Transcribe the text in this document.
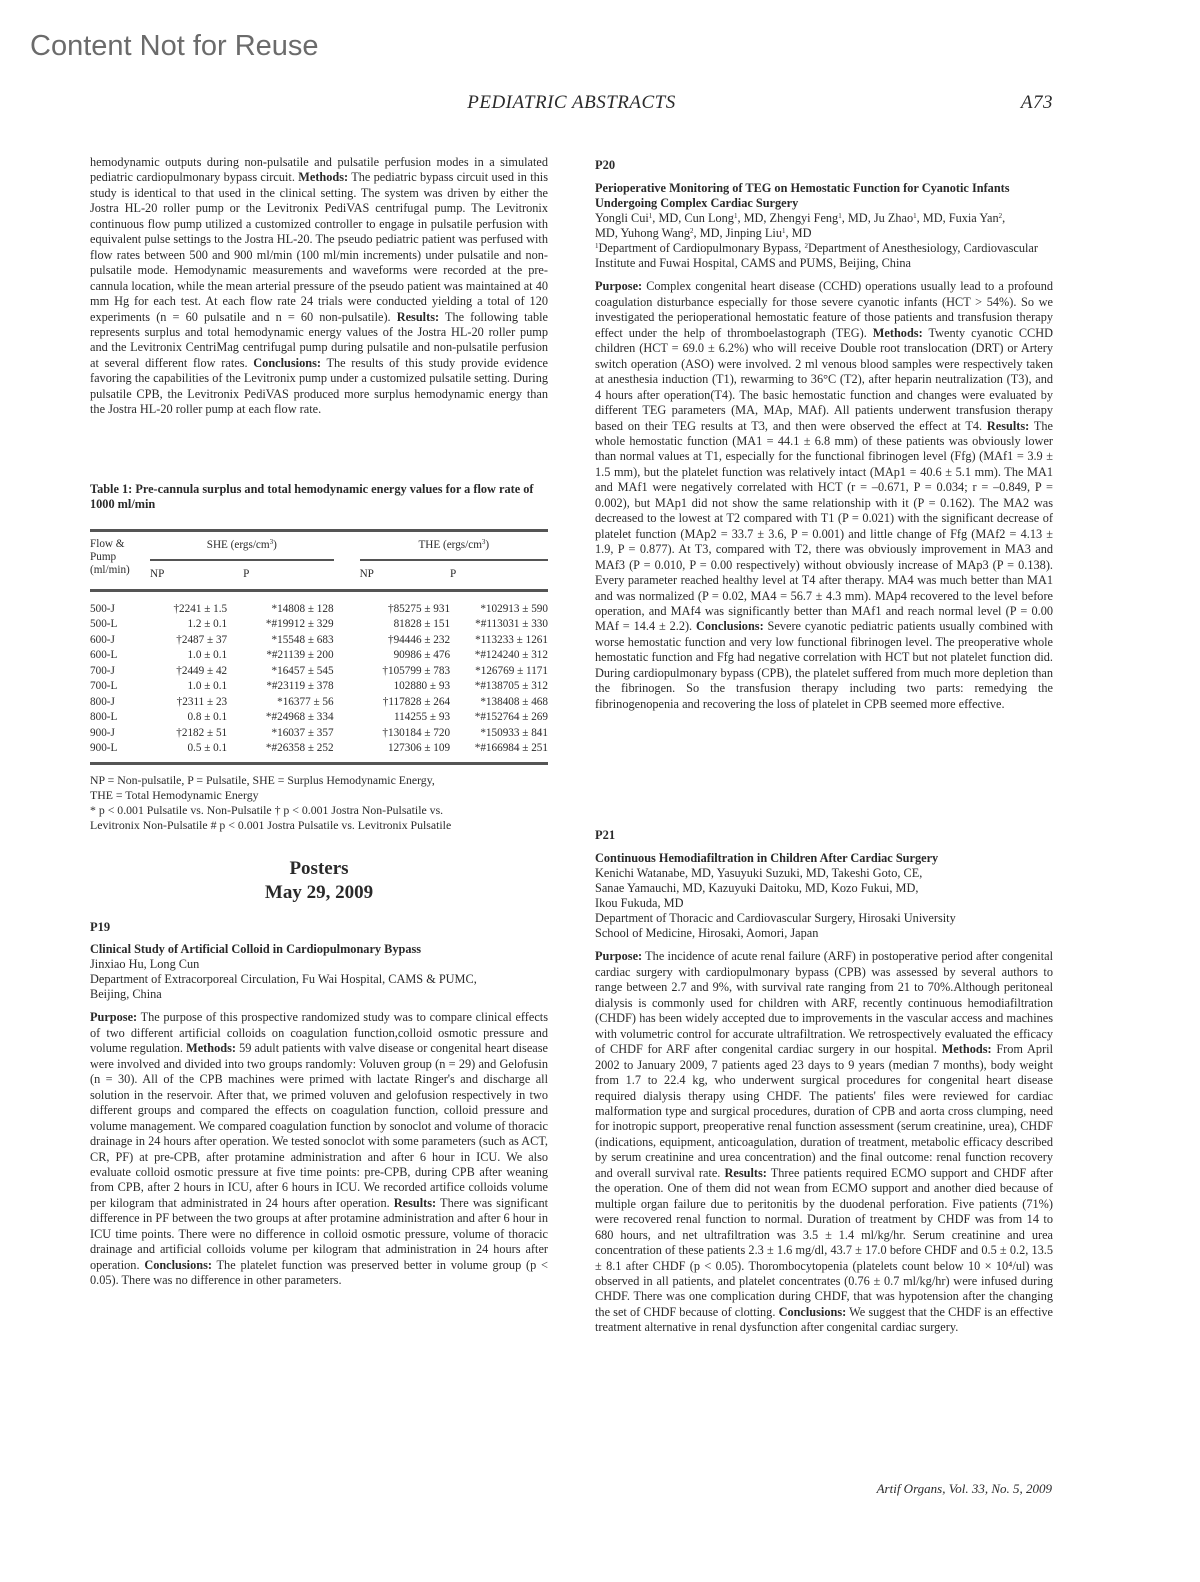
Content Not for Reuse
PEDIATRIC ABSTRACTS	A73

hemodynamic outputs during non-pulsatile and pulsatile perfusion modes in a simulated pediatric cardiopulmonary bypass circuit. Methods: The pediatric bypass circuit used in this study is identical to that used in the clinical setting. The system was driven by either the Jostra HL-20 roller pump or the Levitronix PediVAS centrifugal pump. The Levitronix continuous flow pump utilized a customized controller to engage in pulsatile perfusion with equivalent pulse settings to the Jostra HL-20. The pseudo pediatric patient was perfused with flow rates between 500 and 900 ml/min (100 ml/min increments) under pulsatile and non-pulsatile mode. Hemodynamic measurements and waveforms were recorded at the pre-cannula location, while the mean arterial pressure of the pseudo patient was maintained at 40 mm Hg for each test. At each flow rate 24 trials were conducted yielding a total of 120 experiments (n = 60 pulsatile and n = 60 non-pulsatile). Results: The following table represents surplus and total hemodynamic energy values of the Jostra HL-20 roller pump and the Levitronix CentriMag centrifugal pump during pulsatile and non-pulsatile perfusion at several different flow rates. Conclusions: The results of this study provide evidence favoring the capabilities of the Levitronix pump under a customized pulsatile setting. During pulsatile CPB, the Levitronix PediVAS produced more surplus hemodynamic energy than the Jostra HL-20 roller pump at each flow rate.

Table 1: Pre-cannula surplus and total hemodynamic energy values for a flow rate of 1000 ml/min

Flow &
Pump
(ml/min)	SHE $(ergs/cm^3)$			THE $(ergs/cm^3)$	
	NP	P		NP	P

500-J	†2241 ± 1.5	*14808 ± 128		†85275 ± 931	*102913 ± 590
500-L	1.2 ± 0.1	*#19912 ± 329		81828 ± 151	*#113031 ± 330
600-J	†2487 ± 37	*15548 ± 683		†94446 ± 232	*113233 ± 1261
600-L	1.0 ± 0.1	*#21139 ± 200		90986 ± 476	*#124240 ± 312
700-J	†2449 ± 42	*16457 ± 545		†105799 ± 783	*126769 ± 1171
700-L	1.0 ± 0.1	*#23119 ± 378		102880 ± 93	*#138705 ± 312
800-J	†2311 ± 23	*16377 ± 56		†117828 ± 264	*138408 ± 468
800-L	0.8 ± 0.1	*#24968 ± 334		114255 ± 93	*#152764 ± 269
900-J	†2182 ± 51	*16037 ± 357		†130184 ± 720	*150933 ± 841
900-L	0.5 ± 0.1	*#26358 ± 252		127306 ± 109	*#166984 ± 251

NP = Non-pulsatile, P = Pulsatile, SHE = Surplus Hemodynamic Energy,
THE = Total Hemodynamic Energy
* p < 0.001 Pulsatile vs. Non-Pulsatile † p < 0.001 Jostra Non-Pulsatile vs.
Levitronix Non-Pulsatile # p < 0.001 Jostra Pulsatile vs. Levitronix Pulsatile
Posters
May 29, 2009
P19
Clinical Study of Artificial Colloid in Cardiopulmonary Bypass
Jinxiao Hu, Long Cun
Department of Extracorporeal Circulation, Fu Wai Hospital, CAMS & PUMC, Beijing, China

Purpose: The purpose of this prospective randomized study was to compare clinical effects of two different artificial colloids on coagulation function,colloid osmotic pressure and volume regulation. Methods: 59 adult patients with valve disease or congenital heart disease were involved and divided into two groups randomly: Voluven group (n = 29) and Gelofusin (n = 30). All of the CPB machines were primed with lactate Ringer's and discharge all solution in the reservoir. After that, we primed voluven and gelofusion respectively in two different groups and compared the effects on coagulation function, colloid pressure and volume management. We compared coagulation function by sonoclot and volume of thoracic drainage in 24 hours after operation. We tested sonoclot with some parameters (such as ACT, CR, PF) at pre-CPB, after protamine administration and after 6 hour in ICU. We also evaluate colloid osmotic pressure at five time points: pre-CPB, during CPB after weaning from CPB, after 2 hours in ICU, after 6 hours in ICU. We recorded artifice colloids volume per kilogram that administrated in 24 hours after operation. Results: There was significant difference in PF between the two groups at after protamine administration and after 6 hour in ICU time points. There were no difference in colloid osmotic pressure, volume of thoracic drainage and artificial colloids volume per kilogram that administration in 24 hours after operation. Conclusions: The platelet function was preserved better in volume group (p < 0.05). There was no difference in other parameters.

P20
Perioperative Monitoring of TEG on Hemostatic Function for Cyanotic Infants Undergoing Complex Cardiac Surgery
Yongli Cui$^1$, MD, Cun Long$^1$, MD, Zhengyi Feng$^1$, MD, Ju Zhao$^1$, MD, Fuxia Yan$^2$, MD, Yuhong Wang$^2$, MD, Jinping Liu$^1$, MD
$^1$Department of Cardiopulmonary Bypass, $^2$Department of Anesthesiology, Cardiovascular Institute and Fuwai Hospital, CAMS and PUMS, Beijing, China

Purpose: Complex congenital heart disease (CCHD) operations usually lead to a profound coagulation disturbance especially for those severe cyanotic infants (HCT > 54%). So we investigated the perioperational hemostatic feature of those patients and transfusion therapy effect under the help of thromboelastograph (TEG). Methods: Twenty cyanotic CCHD children (HCT = 69.0 ± 6.2%) who will receive Double root translocation (DRT) or Artery switch operation (ASO) were involved. 2 ml venous blood samples were respectively taken at anesthesia induction (T1), rewarming to 36°C (T2), after heparin neutralization (T3), and 4 hours after operation(T4). The basic hemostatic function and changes were evaluated by different TEG parameters (MA, MAp, MAf). All patients underwent transfusion therapy based on their TEG results at T3, and then were observed the effect at T4. Results: The whole hemostatic function (MA1 = 44.1 ± 6.8 mm) of these patients was obviously lower than normal values at T1, especially for the functional fibrinogen level (Ffg) (MAf1 = 3.9 ± 1.5 mm), but the platelet function was relatively intact (MAp1 = 40.6 ± 5.1 mm). The MA1 and MAf1 were negatively correlated with HCT (r = –0.671, P = 0.034; r = –0.849, P = 0.002), but MAp1 did not show the same relationship with it (P = 0.162). The MA2 was decreased to the lowest at T2 compared with T1 (P = 0.021) with the significant decrease of platelet function (MAp2 = 33.7 ± 3.6, P = 0.001) and little change of Ffg (MAf2 = 4.13 ± 1.9, P = 0.877). At T3, compared with T2, there was obviously improvement in MA3 and MAf3 (P = 0.010, P = 0.00 respectively) without obviously increase of MAp3 (P = 0.138). Every parameter reached healthy level at T4 after therapy. MA4 was much better than MA1 and was normalized (P = 0.02, MA4 = 56.7 ± 4.3 mm). MAp4 recovered to the level before operation, and MAf4 was significantly better than MAf1 and reach normal level (P = 0.00 MAf = 14.4 ± 2.2). Conclusions: Severe cyanotic pediatric patients usually combined with worse hemostatic function and very low functional fibrinogen level. The preoperative whole hemostatic function and Ffg had negative correlation with HCT but not platelet function did. During cardiopulmonary bypass (CPB), the platelet suffered from much more depletion than the fibrinogen. So the transfusion therapy including two parts: remedying the fibrinogenopenia and recovering the loss of platelet in CPB seemed more effective.

P21
Continuous Hemodiafiltration in Children After Cardiac Surgery
Kenichi Watanabe, MD, Yasuyuki Suzuki, MD, Takeshi Goto, CE,
Sanae Yamauchi, MD, Kazuyuki Daitoku, MD, Kozo Fukui, MD,
Ikou Fukuda, MD
Department of Thoracic and Cardiovascular Surgery, Hirosaki University
School of Medicine, Hirosaki, Aomori, Japan

Purpose: The incidence of acute renal failure (ARF) in postoperative period after congenital cardiac surgery with cardiopulmonary bypass (CPB) was assessed by several authors to range between 2.7 and 9%, with survival rate ranging from 21 to 70%.Although peritoneal dialysis is commonly used for children with ARF, recently continuous hemodiafiltration (CHDF) has been widely accepted due to improvements in the vascular access and machines with volumetric control for accurate ultrafiltration. We retrospectively evaluated the efficacy of CHDF for ARF after congenital cardiac surgery in our hospital. Methods: From April 2002 to January 2009, 7 patients aged 23 days to 9 years (median 7 months), body weight from 1.7 to 22.4 kg, who underwent surgical procedures for congenital heart disease required dialysis therapy using CHDF. The patients' files were reviewed for cardiac malformation type and surgical procedures, duration of CPB and aorta cross clumping, need for inotropic support, preoperative renal function assessment (serum creatinine, urea), CHDF (indications, equipment, anticoagulation, duration of treatment, metabolic efficacy described by serum creatinine and urea concentration) and the final outcome: renal function recovery and overall survival rate. Results: Three patients required ECMO support and CHDF after the operation. One of them did not wean from ECMO support and another died because of multiple organ failure due to peritonitis by the duodenal perforation. Five patients (71%) were recovered renal function to normal. Duration of treatment by CHDF was from 14 to 680 hours, and net ultrafiltration was 3.5 ± 1.4 ml/kg/hr. Serum creatinine and urea concentration of these patients 2.3 ± 1.6 mg/dl, 43.7 ± 17.0 before CHDF and 0.5 ± 0.2, 13.5 ± 8.1 after CHDF (p < 0.05). Thorombocytopenia (platelets count below 10 × 10⁴/ul) was observed in all patients, and platelet concentrates (0.76 ± 0.7 ml/kg/hr) were infused during CHDF. There was one complication during CHDF, that was hypotension after the changing the set of CHDF because of clotting. Conclusions: We suggest that the CHDF is an effective treatment alternative in renal dysfunction after congenital cardiac surgery.

Artif Organs, Vol. 33, No. 5, 2009
